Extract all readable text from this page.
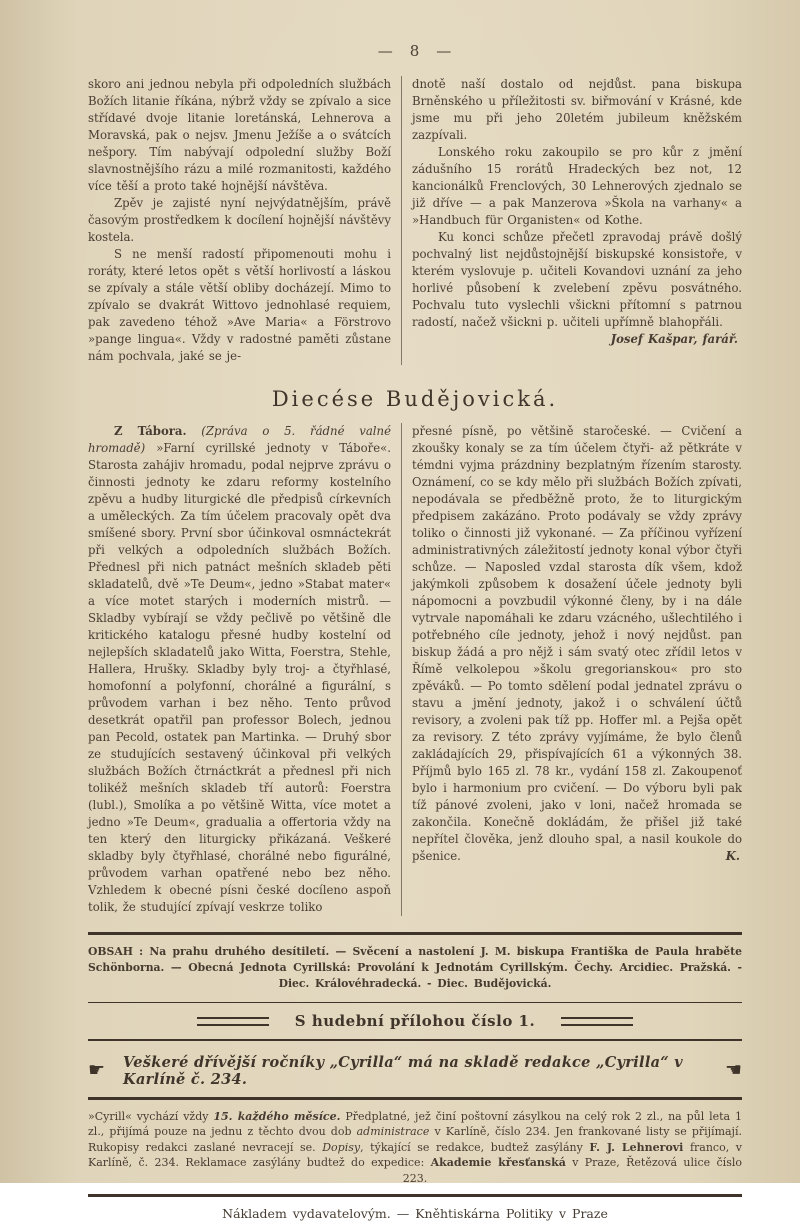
— 8 —

skoro ani jednou nebyla při odpoledních službách Božích litanie říkána, nýbrž vždy se zpívalo a sice střídavé dvoje litanie loretánská, Lehnerova a Moravská, pak o nejsv. Jmenu Ježíše a o svátcích nešpory. Tím nabývají odpolední služby Boží slavnostnějšího rázu a milé rozmanitosti, každého více těší a proto také hojnější návštěva.

Zpěv je zajisté nyní nejvýdatnějším, právě časovým prostředkem k docílení hojnější návštěvy kostela.

S ne menší radostí připomenouti mohu i roráty, které letos opět s větší horlivostí a láskou se zpívaly a stále větší obliby docházejí. Mimo to zpívalo se dvakrát Wittovo jednohlasé requiem, pak zavedeno téhož »Ave Maria« a Förstrovo »pange lingua«. Vždy v radostné paměti zůstane nám pochvala, jaké se je-

dnotě naší dostalo od nejdůst. pana biskupa Brněnského u příležitosti sv. biřmování v Krásné, kde jsme mu při jeho 20letém jubileum kněžském zazpívali.

Lonského roku zakoupilo se pro kůr z jmění zádušního 15 rorátů Hradeckých bez not, 12 kancionálků Frenclových, 30 Lehnerových zjednalo se již dříve — a pak Manzerova »Škola na varhany« a »Handbuch für Organisten« od Kothe.

Ku konci schůze přečetl zpravodaj právě došlý pochvalný list nejdůstojnější biskupské konsistoře, v kterém vyslovuje p. učiteli Kovandovi uznání za jeho horlivé působení k zvelebení zpěvu posvátného. Pochvalu tuto vyslechli všickni přítomní s patrnou radostí, načež všickni p. učiteli upřímně blahopřáli.

Josef Kašpar, farář.

Diecése Budějovická.

Z Tábora. (Zpráva o 5. řádné valné hromadě) »Farní cyrillské jednoty v Táboře«. Starosta zahájiv hromadu, podal nejprve zprávu o činnosti jednoty ke zdaru reformy kostelního zpěvu a hudby liturgické dle předpisů církevních a uměleckých. Za tím účelem pracovaly opět dva smíšené sbory. První sbor účinkoval osmnáctekrát při velkých a odpoledních službách Božích. Přednesl při nich patnáct mešních skladeb pěti skladatelů, dvě »Te Deum«, jedno »Stabat mater« a více motet starých i moderních mistrů. — Skladby vybírají se vždy pečlivě po většině dle kritického katalogu přesné hudby kostelní od nejlepších skladatelů jako Witta, Foerstra, Stehle, Hallera, Hrušky. Skladby byly troj- a čtyřhlasé, homofonní a polyfonní, chorálné a figurální, s průvodem varhan i bez něho. Tento průvod desetkrát opatřil pan professor Bolech, jednou pan Pecold, ostatek pan Martinka. — Druhý sbor ze studujících sestavený účinkoval při velkých službách Božích čtrnáctkrát a přednesl při nich tolikéž mešních skladeb tří autorů: Foerstra (lubl.), Smolíka a po většině Witta, více motet a jedno »Te Deum«, gradualia a offertoria vždy na ten který den liturgicky přikázaná. Veškeré skladby byly čtyřhlasé, chorálné nebo figurálné, průvodem varhan opatřené nebo bez něho. Vzhledem k obecné písni české docíleno aspoň tolik, že studující zpívají veskrze toliko

přesné písně, po většině staročeské. — Cvičení a zkoušky konaly se za tím účelem čtyři- až pětkráte v témdni vyjma prázdniny bezplatným řízením starosty. Oznámení, co se kdy mělo při službách Božích zpívati, nepodávala se předběžně proto, že to liturgickým předpisem zakázáno. Proto podávaly se vždy zprávy toliko o činnosti již vykonané. — Za příčinou vyřízení administrativných záležitostí jednoty konal výbor čtyři schůze. — Naposled vzdal starosta dík všem, kdož jakýmkoli způsobem k dosažení účele jednoty byli nápomocni a povzbudil výkonné členy, by i na dále vytrvale napomáhali ke zdaru vzácného, ušlechtilého i potřebného cíle jednoty, jehož i nový nejdůst. pan biskup žádá a pro nějž i sám svatý otec zřídil letos v Římě velkolepou »školu gregorianskou« pro sto zpěváků. — Po tomto sdělení podal jednatel zprávu o stavu a jmění jednoty, jakož i o schválení účtů revisory, a zvoleni pak tíž pp. Hoffer ml. a Pejša opět za revisory. Z této zprávy vyjímáme, že bylo členů zakládajících 29, přispívajících 61 a výkonných 38. Příjmů bylo 165 zl. 78 kr., vydání 158 zl. Zakoupenoť bylo i harmonium pro cvičení. — Do výboru byli pak tíž pánové zvoleni, jako v loni, načež hromada se zakončila. Konečně dokládám, že přišel již také nepřítel člověka, jenž dlouho spal, a nasil koukole do pšenice.	K.

OBSAH : Na prahu druhého desítiletí. — Svěcení a nastolení J. M. biskupa Františka de Paula hraběte Schönborna. — Obecná Jednota Cyrillská: Provolání k Jednotám Cyrillským. Čechy. Arcidiec. Pražská. - Diec. Královéhradecká. - Diec. Budějovická.

S hudební přílohou číslo 1.
☛ Veškeré dřívější ročníky „Cyrilla“ má na skladě redakce „Cyrilla“ v Karlíně č. 234.	☚

»Cyrill« vychází vždy 15. každého měsíce. Předplatné, jež činí poštovní zásylkou na celý rok 2 zl., na půl leta 1 zl., přijímá pouze na jednu z těchto dvou dob administrace v Karlíně, číslo 234. Jen frankované listy se přijímají. Rukopisy redakci zaslané nevracejí se. Dopisy, týkající se redakce, budtež zasýlány F. J. Lehnerovi franco, v Karlíně, č. 234. Reklamace zasýlány budtež do expedice: Akademie křesťanská v Praze, Řetězová ulice číslo 223.

Nákladem vydavatelovým. — Kněhtiskárna Politiky v Praze
